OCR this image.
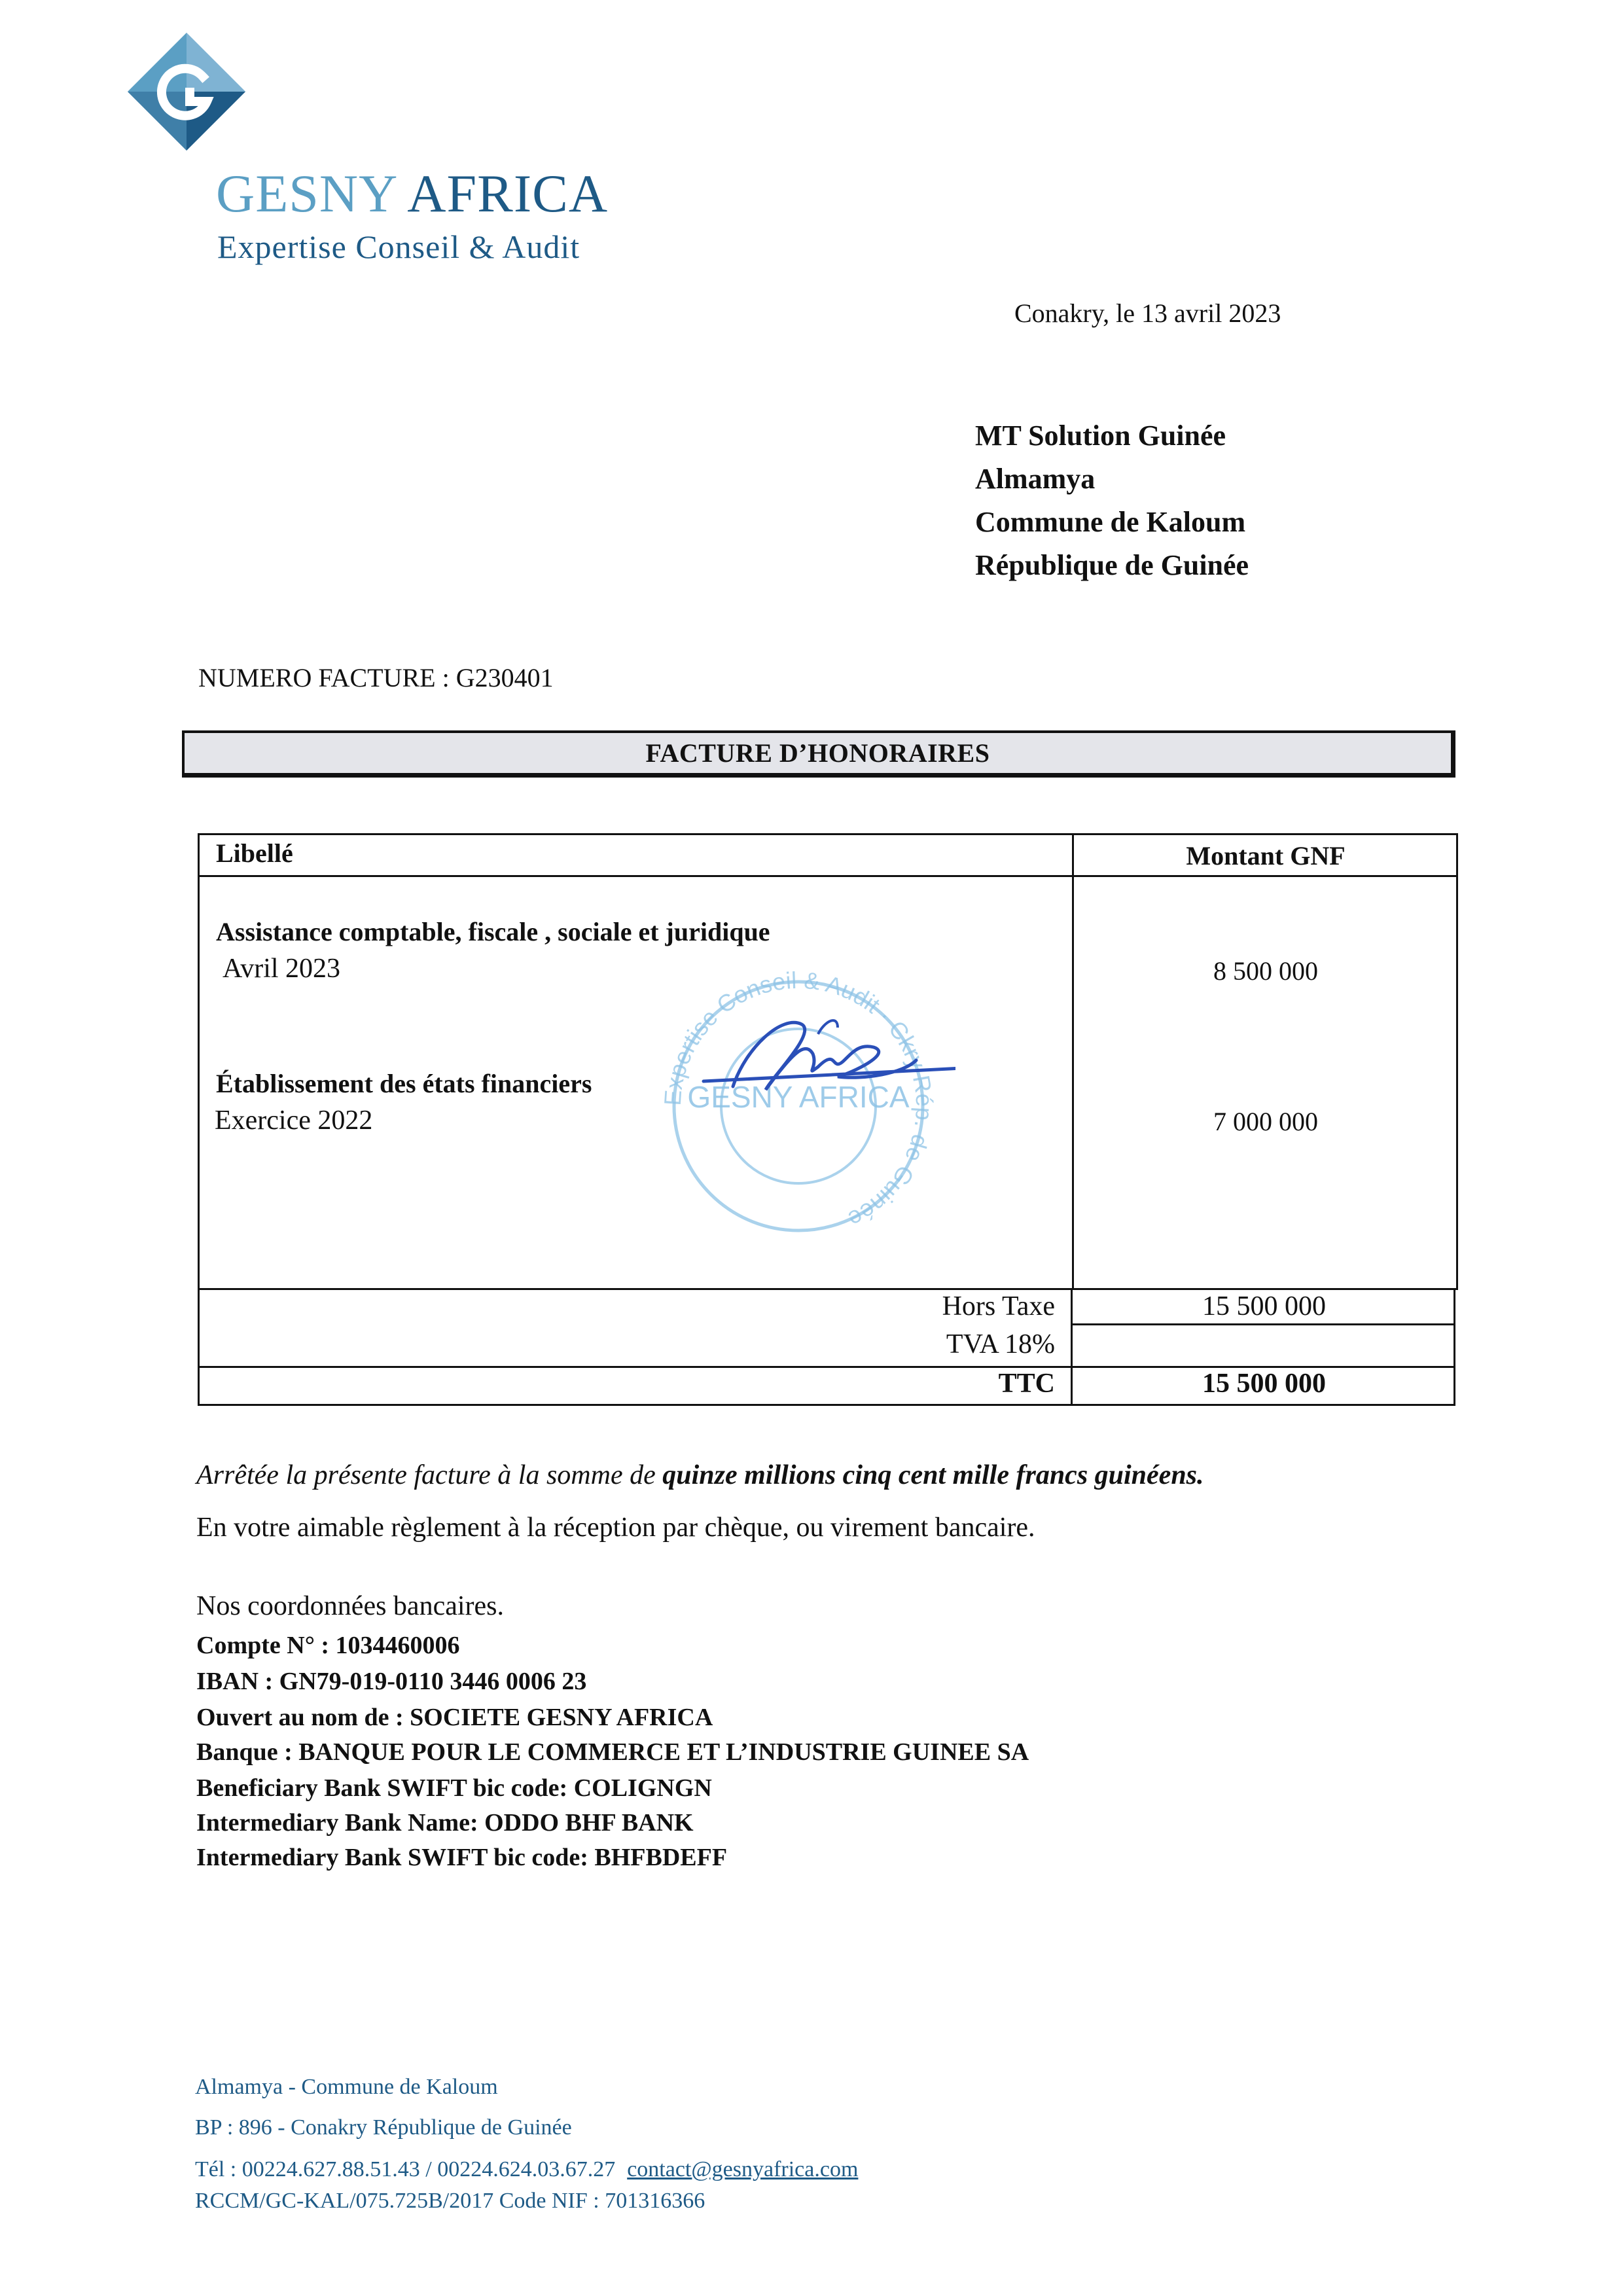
GESNY AFRICA
Expertise Conseil & Audit
Conakry, le 13 avril 2023
MT Solution Guinée
Almamya
Commune de Kaloum
République de Guinée
NUMERO FACTURE : G230401
FACTURE D’HONORAIRES
Libellé	Montant GNF
Assistance comptable, fiscale , sociale et juridique
Avril 2023	8 500 000
Établissement des états financiers
Exercice 2022	7 000 000
Expertise Conseil & Audit · Ckry Rép. de Guinée
GESNY AFRICA
Hors Taxe	15 500 000
TVA 18%
TTC	15 500 000
Arrêtée la présente facture à la somme de quinze millions cinq cent mille francs guinéens.
En votre aimable règlement à la réception par chèque, ou virement bancaire.
Nos coordonnées bancaires.
Compte N° : 1034460006
IBAN : GN79-019-0110 3446 0006 23
Ouvert au nom de : SOCIETE GESNY AFRICA
Banque : BANQUE POUR LE COMMERCE ET L’INDUSTRIE GUINEE SA
Beneficiary Bank SWIFT bic code: COLIGNGN
Intermediary Bank Name: ODDO BHF BANK
Intermediary Bank SWIFT bic code: BHFBDEFF
Almamya - Commune de Kaloum
BP : 896 - Conakry République de Guinée
Tél : 00224.627.88.51.43 / 00224.624.03.67.27 contact@gesnyafrica.com
RCCM/GC-KAL/075.725B/2017 Code NIF : 701316366
